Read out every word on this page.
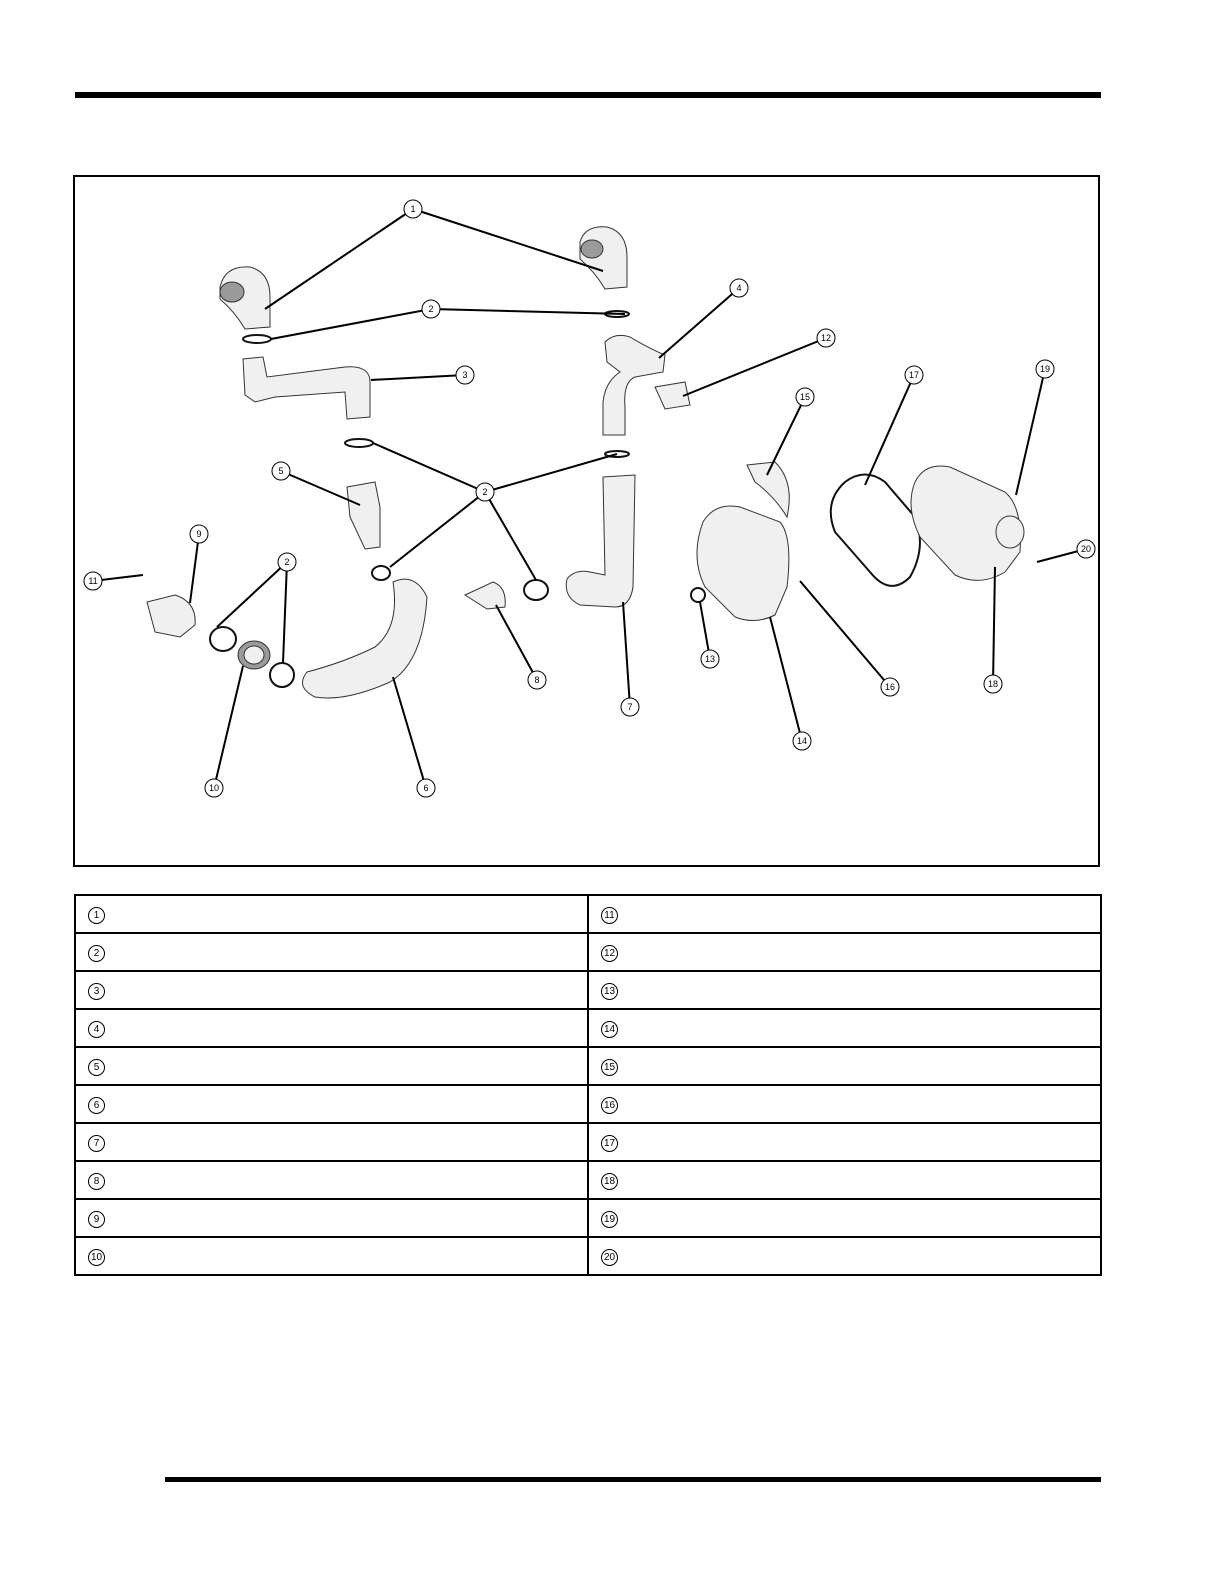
1
2
2
3
4
12
15
17
19
5
2
9
11
20
8
16	18
13
7
14
10	6
1	11
2	12
3	13
4	14
5	15
6	16
7	17
8	18
9	19
10	20
